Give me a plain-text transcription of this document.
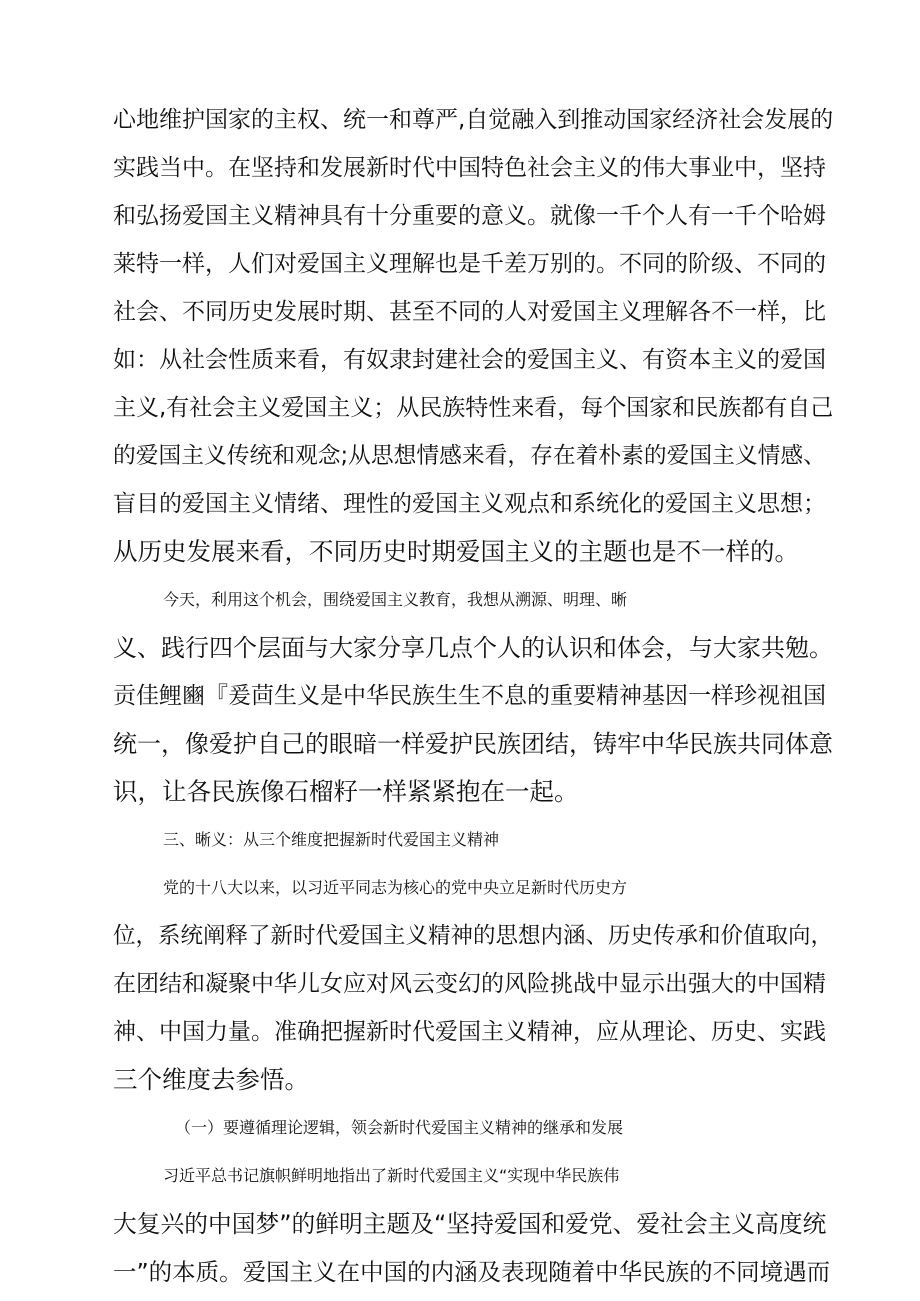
心地维护国家的主权、统一和尊严,自觉融入到推动国家经济社会发展的
实践当中。在坚持和发展新时代中国特色社会主义的伟大事业中，坚持
和弘扬爱国主义精神具有十分重要的意义。就像一千个人有一千个哈姆
莱特一样，人们对爱国主义理解也是千差万别的。不同的阶级、不同的
社会、不同历史发展时期、甚至不同的人对爱国主义理解各不一样，比
如：从社会性质来看，有奴隶封建社会的爱国主义、有资本主义的爱国
主义,有社会主义爱国主义；从民族特性来看，每个国家和民族都有自己
的爱国主义传统和观念;从思想情感来看，存在着朴素的爱国主义情感、
盲目的爱国主义情绪、理性的爱国主义观点和系统化的爱国主义思想；
从历史发展来看，不同历史时期爱国主义的主题也是不一样的。
今天，利用这个机会，围绕爱国主义教育，我想从溯源、明理、晰
义、践行四个层面与大家分享几点个人的认识和体会，与大家共勉。
贡佳鲤豳『爰茴生义是中华民族生生不息的重要精神基因一样珍视祖国
统一，像爱护自己的眼暗一样爱护民族团结，铸牢中华民族共同体意
识，让各民族像石榴籽一样紧紧抱在一起。
三、晰义：从三个维度把握新时代爱国主义精神
党的十八大以来，以习近平同志为核心的党中央立足新时代历史方
位，系统阐释了新时代爱国主义精神的思想内涵、历史传承和价值取向，
在团结和凝聚中华儿女应对风云变幻的风险挑战中显示出强大的中国精
神、中国力量。准确把握新时代爱国主义精神，应从理论、历史、实践
三个维度去参悟。
（一）要遵循理论逻辑，领会新时代爱国主义精神的继承和发展
习近平总书记旗帜鲜明地指出了新时代爱国主义“实现中华民族伟
大复兴的中国梦”的鲜明主题及“坚持爱国和爱党、爱社会主义高度统
一”的本质。爱国主义在中国的内涵及表现随着中华民族的不同境遇而
